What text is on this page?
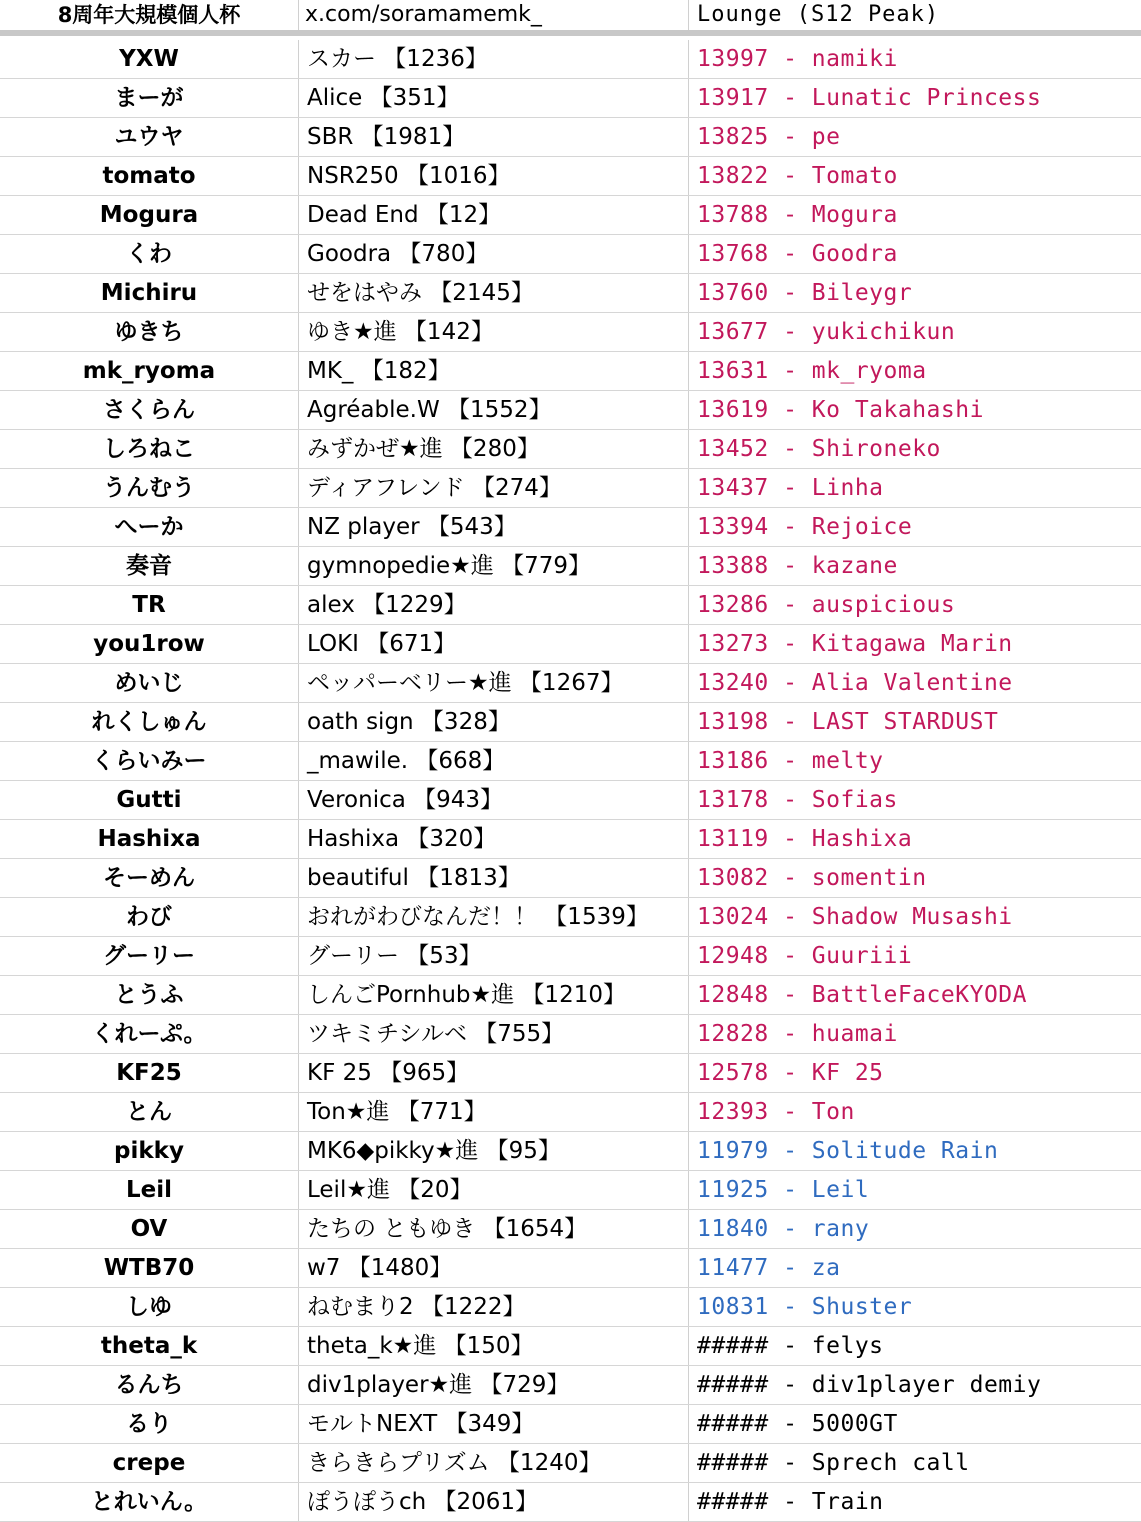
8周年大規模個人杯	x.com/soramamemk_	Lounge (S12 Peak)
YXW	スカー 【1236】	13997 - namiki
まーが	Alice 【351】	13917 - Lunatic Princess
ユウヤ	SBR 【1981】	13825 - pe
tomato	NSR250 【1016】	13822 - Tomato
Mogura	Dead End 【12】	13788 - Mogura
くわ	Goodra 【780】	13768 - Goodra
Michiru	せをはやみ 【2145】	13760 - Bileygr
ゆきち	ゆき★進 【142】	13677 - yukichikun
mk_ryoma	MK_ 【182】	13631 - mk_ryoma
さくらん	Agréable.W 【1552】	13619 - Ko Takahashi
しろねこ	みずかぜ★進 【280】	13452 - Shironeko
うんむう	ディアフレンド 【274】	13437 - Linha
へーか	NZ player 【543】	13394 - Rejoice
奏音	gymnopedie★進 【779】	13388 - kazane
TR	alex 【1229】	13286 - auspicious
you1row	LOKI 【671】	13273 - Kitagawa Marin
めいじ	ペッパーベリー★進 【1267】	13240 - Alia Valentine
れくしゅん	oath sign 【328】	13198 - LAST STARDUST
くらいみー	_mawile. 【668】	13186 - melty
Gutti	Veronica 【943】	13178 - Sofias
Hashixa	Hashixa 【320】	13119 - Hashixa
そーめん	beautiful 【1813】	13082 - somentin
わび	おれがわびなんだ！！ 【1539】	13024 - Shadow Musashi
グーリー	グーリー 【53】	12948 - Guuriii
とうふ	しんごPornhub★進 【1210】	12848 - BattleFaceKYODA
くれーぷ。	ツキミチシルベ 【755】	12828 - huamai
KF25	KF 25 【965】	12578 - KF 25
とん	Ton★進 【771】	12393 - Ton
pikky	MK6◆pikky★進 【95】	11979 - Solitude Rain
Leil	Leil★進 【20】	11925 - Leil
OV	たちの ともゆき 【1654】	11840 - rany
WTB70	w7 【1480】	11477 - za
しゆ	ねむまり2 【1222】	10831 - Shuster
theta_k	theta_k★進 【150】	##### - felys
るんち	div1player★進 【729】	##### - div1player demiy
るり	モルトNEXT 【349】	##### - 5000GT
crepe	きらきらプリズム 【1240】	##### - Sprech call
とれいん。	ぽうぽうch 【2061】	##### - Train
